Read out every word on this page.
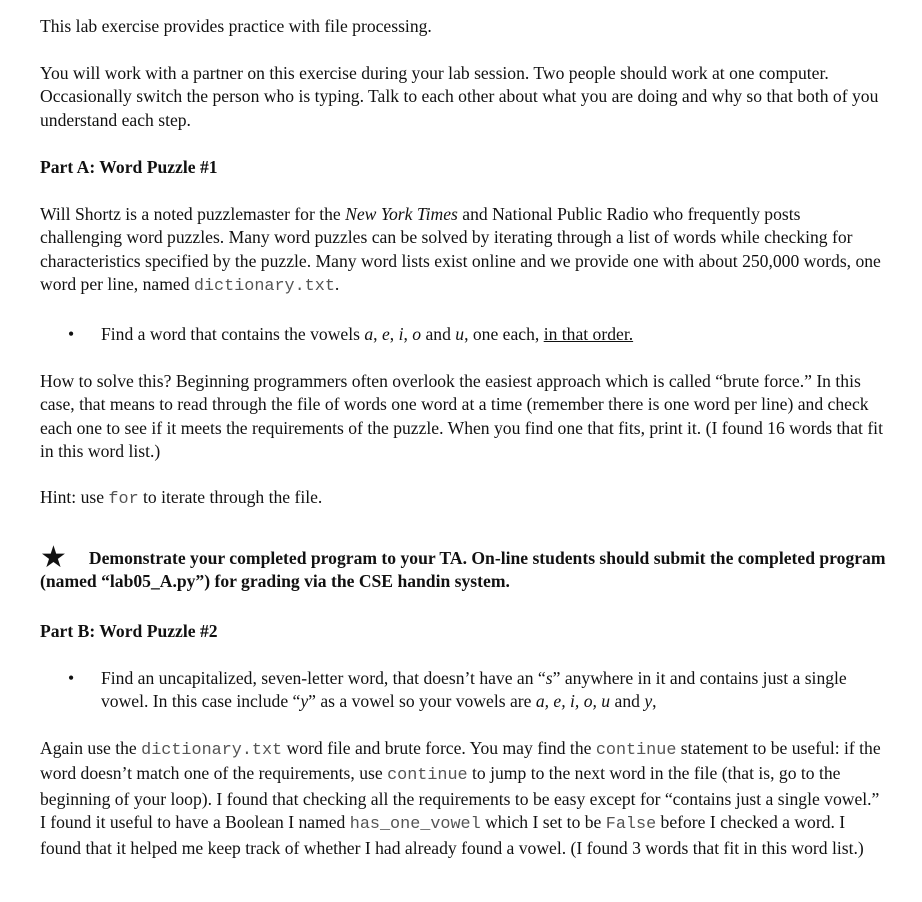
This lab exercise provides practice with file processing.

You will work with a partner on this exercise during your lab session. Two people should work at one computer. Occasionally switch the person who is typing. Talk to each other about what you are doing and why so that both of you understand each step.

Part A: Word Puzzle #1

Will Shortz is a noted puzzlemaster for the New York Times and National Public Radio who frequently posts challenging word puzzles. Many word puzzles can be solved by iterating through a list of words while checking for characteristics specified by the puzzle. Many word lists exist online and we provide one with about 250,000 words, one word per line, named dictionary.txt.

• Find a word that contains the vowels a, e, i, o and u, one each, in that order.

How to solve this? Beginning programmers often overlook the easiest approach which is called “brute force.” In this case, that means to read through the file of words one word at a time (remember there is one word per line) and check each one to see if it meets the requirements of the puzzle. When you find one that fits, print it. (I found 16 words that fit in this word list.)

Hint: use for to iterate through the file.

★ Demonstrate your completed program to your TA. On-line students should submit the completed program (named “lab05_A.py”) for grading via the CSE handin system.

Part B: Word Puzzle #2

• Find an uncapitalized, seven-letter word, that doesn’t have an “s” anywhere in it and contains just a single vowel. In this case include “y” as a vowel so your vowels are a, e, i, o, u and y,

Again use the dictionary.txt word file and brute force. You may find the continue statement to be useful: if the word doesn’t match one of the requirements, use continue to jump to the next word in the file (that is, go to the beginning of your loop). I found that checking all the requirements to be easy except for “contains just a single vowel.” I found it useful to have a Boolean I named has_one_vowel which I set to be False before I checked a word. I found that it helped me keep track of whether I had already found a vowel. (I found 3 words that fit in this word list.)
